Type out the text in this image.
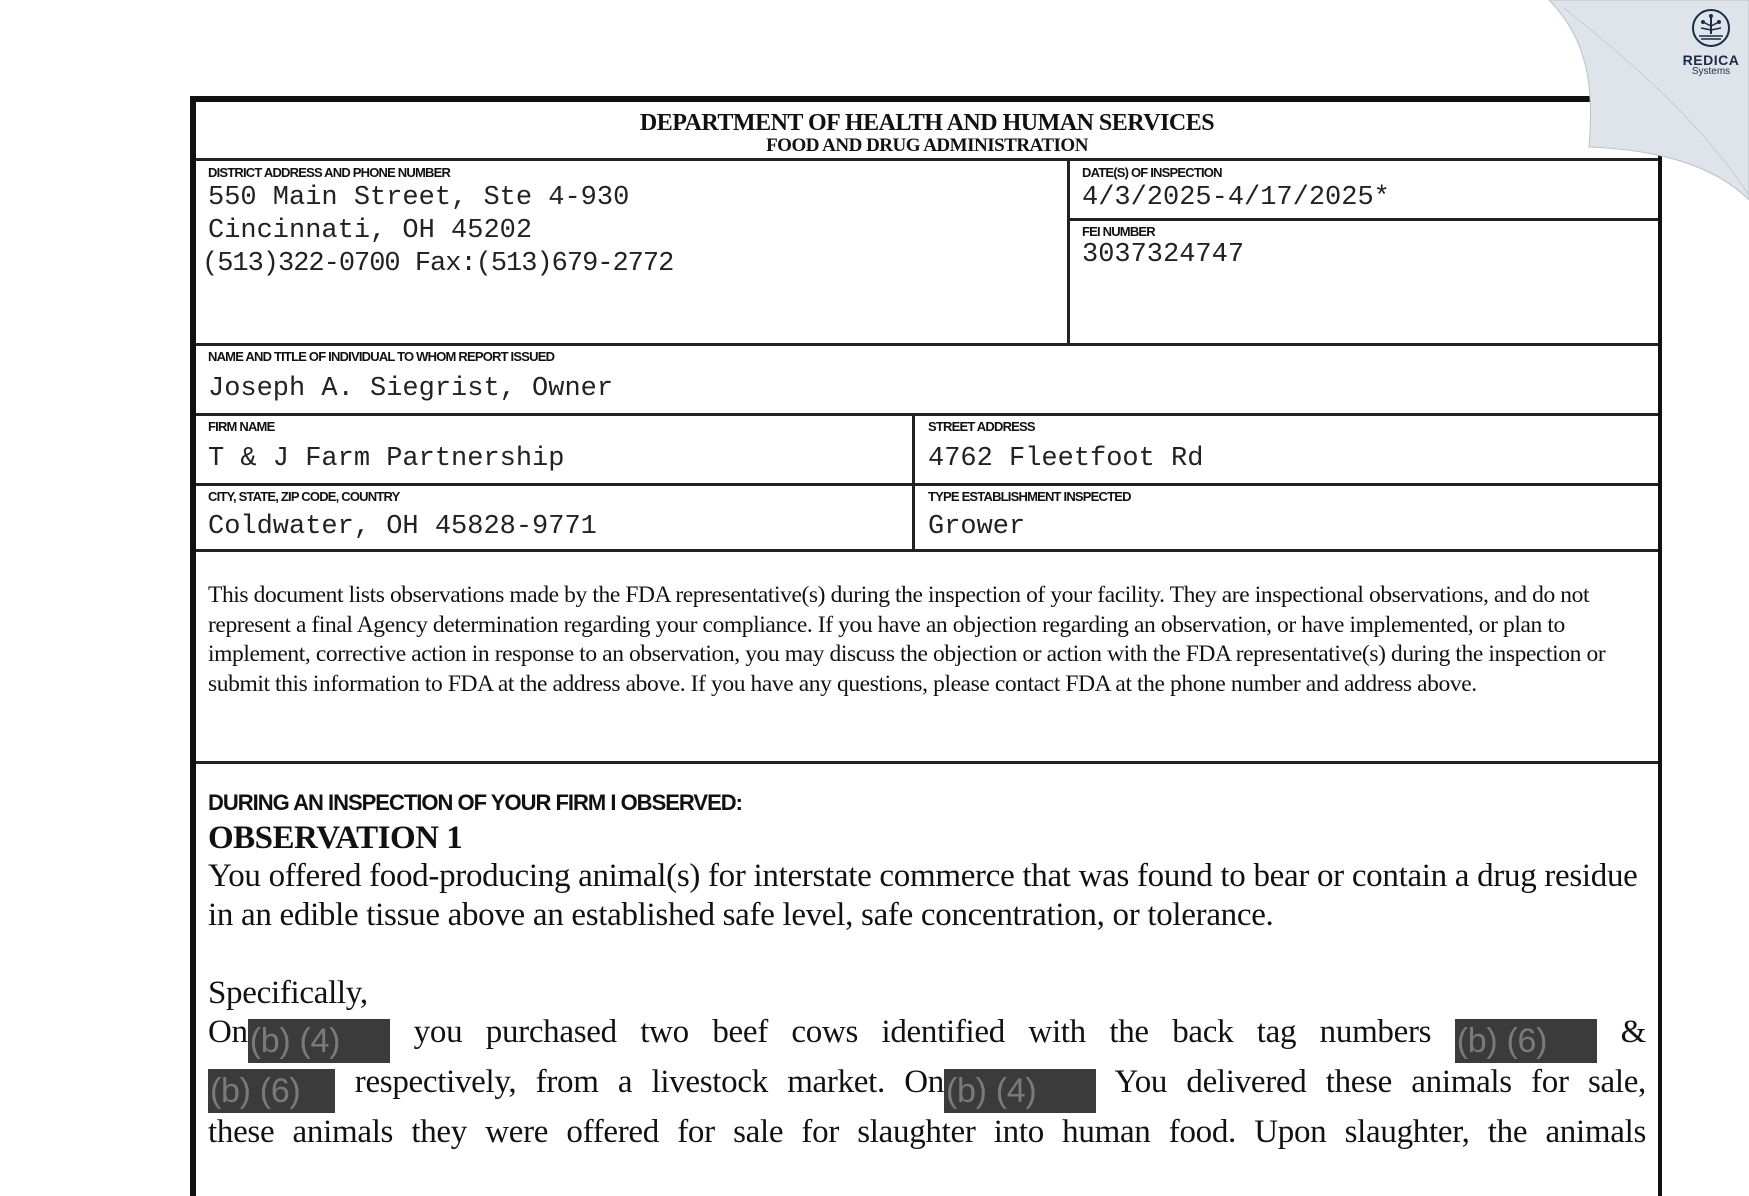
DEPARTMENT OF HEALTH AND HUMAN SERVICES
FOOD AND DRUG ADMINISTRATION
DISTRICT ADDRESS AND PHONE NUMBER
550 Main Street, Ste 4-930
Cincinnati, OH 45202
(513)322-0700 Fax:(513)679-2772
DATE(S) OF INSPECTION
4/3/2025-4/17/2025*
FEI NUMBER
3037324747
NAME AND TITLE OF INDIVIDUAL TO WHOM REPORT ISSUED
Joseph A. Siegrist, Owner
FIRM NAME
T & J Farm Partnership
STREET ADDRESS
4762 Fleetfoot Rd
CITY, STATE, ZIP CODE, COUNTRY
Coldwater, OH 45828-9771
TYPE ESTABLISHMENT INSPECTED
Grower
This document lists observations made by the FDA representative(s) during the inspection of your facility. They are inspectional observations, and do not represent a final Agency determination regarding your compliance. If you have an objection regarding an observation, or have implemented, or plan to implement, corrective action in response to an observation, you may discuss the objection or action with the FDA representative(s) during the inspection or submit this information to FDA at the address above. If you have any questions, please contact FDA at the phone number and address above.
DURING AN INSPECTION OF YOUR FIRM I OBSERVED:
OBSERVATION 1

You offered food-producing animal(s) for interstate commerce that was found to bear or contain a drug residue in an edible tissue above an established safe level, safe concentration, or tolerance.

Specifically,

On(b) (4) you purchased two beef cows identified with the back tag numbers (b) (6) &

(b) (6) respectively, from a livestock market. On(b) (4) You delivered these animals for sale,

these animals they were offered for sale for slaughter into human food. Upon slaughter, the animals

REDICA
Systems
